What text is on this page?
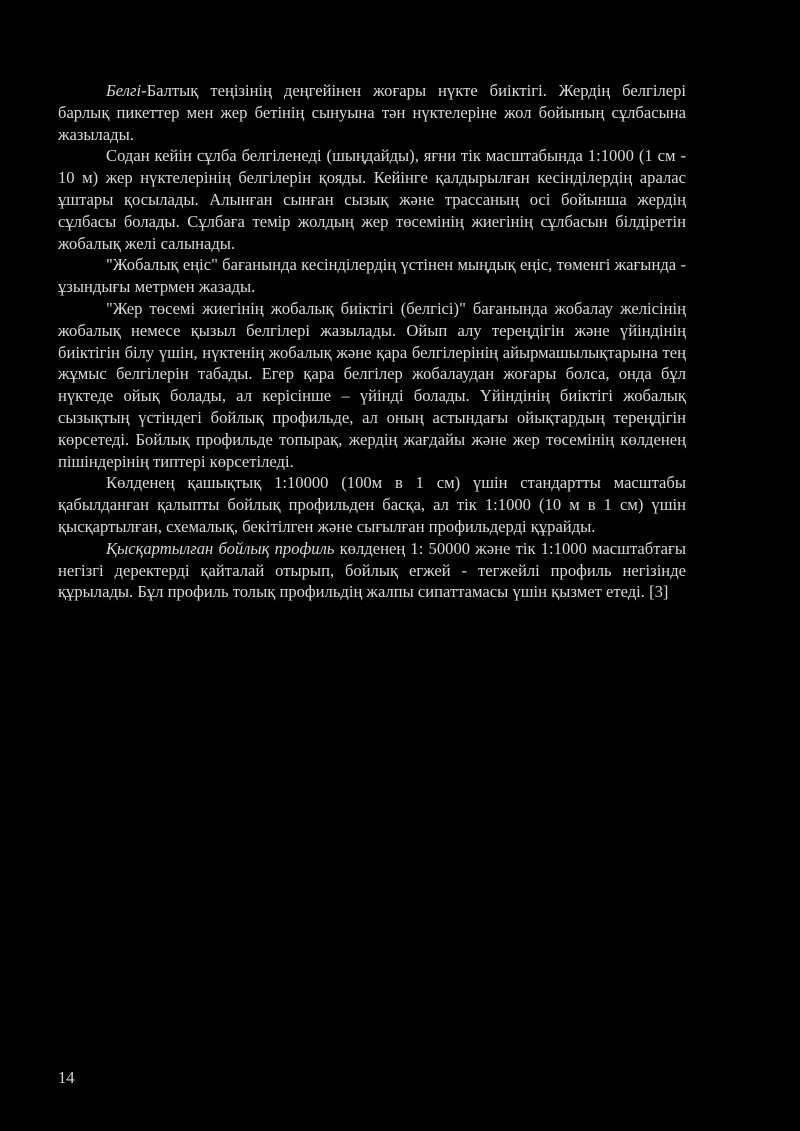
Белгі-Балтық теңізінің деңгейінен жоғары нүкте биіктігі. Жердің белгілері барлық пикеттер мен жер бетінің сынуына тән нүктелеріне жол бойының сұлбасына жазылады.

Содан кейін сұлба белгіленеді (шыңдайды), яғни тік масштабында 1:1000 (1 см - 10 м) жер нүктелерінің белгілерін қояды. Кейінге қалдырылған кесінділердің аралас ұштары қосылады. Алынған сынған сызық және трассаның осі бойынша жердің сұлбасы болады. Сұлбаға темір жолдың жер төсемінің жиегінің сұлбасын білдіретін жобалық желі салынады.

"Жобалық еңіс" бағанында кесінділердің үстінен мыңдық еңіс, төменгі жағында - ұзындығы метрмен жазады.

"Жер төсемі жиегінің жобалық биіктігі (белгісі)" бағанында жобалау желісінің жобалық немесе қызыл белгілері жазылады. Ойып алу тереңдігін және үйіндінің биіктігін білу үшін, нүктенің жобалық және қара белгілерінің айырмашылықтарына тең жұмыс белгілерін табады. Егер қара белгілер жобалаудан жоғары болса, онда бұл нүктеде ойық болады, ал керісінше – үйінді болады. Үйіндінің биіктігі жобалық сызықтың үстіндегі бойлық профильде, ал оның астындағы ойықтардың тереңдігін көрсетеді. Бойлық профильде топырақ, жердің жағдайы және жер төсемінің көлденең пішіндерінің типтері көрсетіледі.

Көлденең қашықтық 1:10000 (100м в 1 см) үшін стандартты масштабы қабылданған қалыпты бойлық профильден басқа, ал тік 1:1000 (10 м в 1 см) үшін қысқартылған, схемалық, бекітілген және сығылған профильдерді құрайды.

Қысқартылған бойлық профиль көлденең 1: 50000 және тік 1:1000 масштабтағы негізгі деректерді қайталай отырып, бойлық егжей - тегжейлі профиль негізінде құрылады. Бұл профиль толық профильдің жалпы сипаттамасы үшін қызмет етеді. [3]

14
